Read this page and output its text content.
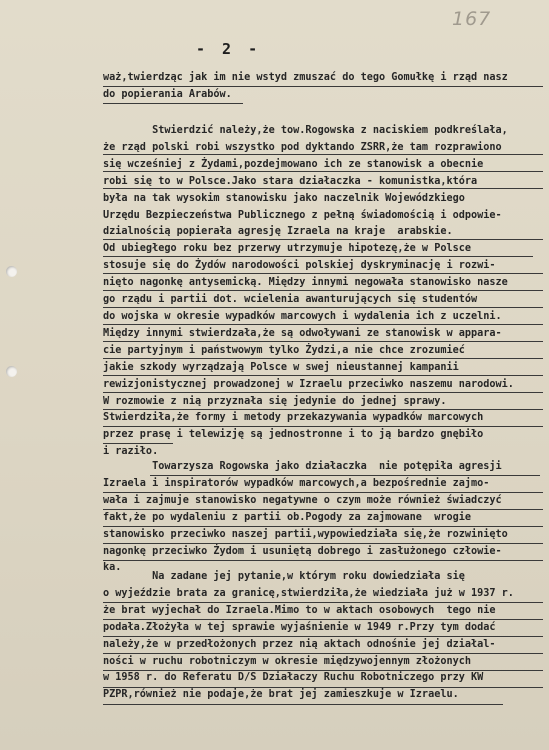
167
- 2 -
waż,twierdząc jak im nie wstyd zmuszać do tego Gomułkę i rząd nasz
do popierania Arabów.
Stwierdzić należy,że tow.Rogowska z naciskiem podkreślała,
że rząd polski robi wszystko pod dyktando ZSRR,że tam rozprawiono
się wcześniej z Żydami,pozdejmowano ich ze stanowisk a obecnie
robi się to w Polsce.Jako stara działaczka - komunistka,która
była na tak wysokim stanowisku jako naczelnik Wojewódzkiego
Urzędu Bezpieczeństwa Publicznego z pełną świadomością i odpowie-
dzialnością popierała agresję Izraela na kraje  arabskie.
Od ubiegłego roku bez przerwy utrzymuje hipotezę,że w Polsce
stosuje się do Żydów narodowości polskiej dyskryminację i rozwi-
nięto nagonkę antysemicką. Między innymi negowała stanowisko nasze
go rządu i partii dot. wcielenia awanturujących się studentów
do wojska w okresie wypadków marcowych i wydalenia ich z uczelni.
Między innymi stwierdzała,że są odwoływani ze stanowisk w appara-
cie partyjnym i państwowym tylko Żydzi,a nie chce zrozumieć
jakie szkody wyrządzają Polsce w swej nieustannej kampanii
rewizjonistycznej prowadzonej w Izraelu przeciwko naszemu narodowi.
W rozmowie z nią przyznała się jedynie do jednej sprawy.
Stwierdziła,że formy i metody przekazywania wypadków marcowych
przez prasę i telewizję są jednostronne i to ją bardzo gnębiło
i raziło.
Towarzysza Rogowska jako działaczka  nie potępiła agresji
Izraela i inspiratorów wypadków marcowych,a bezpośrednie zajmo-
wała i zajmuje stanowisko negatywne o czym może również świadczyć
fakt,że po wydaleniu z partii ob.Pogody za zajmowane  wrogie
stanowisko przeciwko naszej partii,wypowiedziała się,że rozwinięto
nagonkę przeciwko Żydom i usuniętą dobrego i zasłużonego człowie-
ka.
Na zadane jej pytanie,w którym roku dowiedziała się
o wyjeździe brata za granicę,stwierdziła,że wiedziała już w 1937 r.
że brat wyjechał do Izraela.Mimo to w aktach osobowych  tego nie
podała.Złożyła w tej sprawie wyjaśnienie w 1949 r.Przy tym dodać
należy,że w przedłożonych przez nią aktach odnośnie jej działal-
ności w ruchu robotniczym w okresie międzywojennym złożonych
w 1958 r. do Referatu D/S Działaczy Ruchu Robotniczego przy KW
PZPR,również nie podaje,że brat jej zamieszkuje w Izraelu.
